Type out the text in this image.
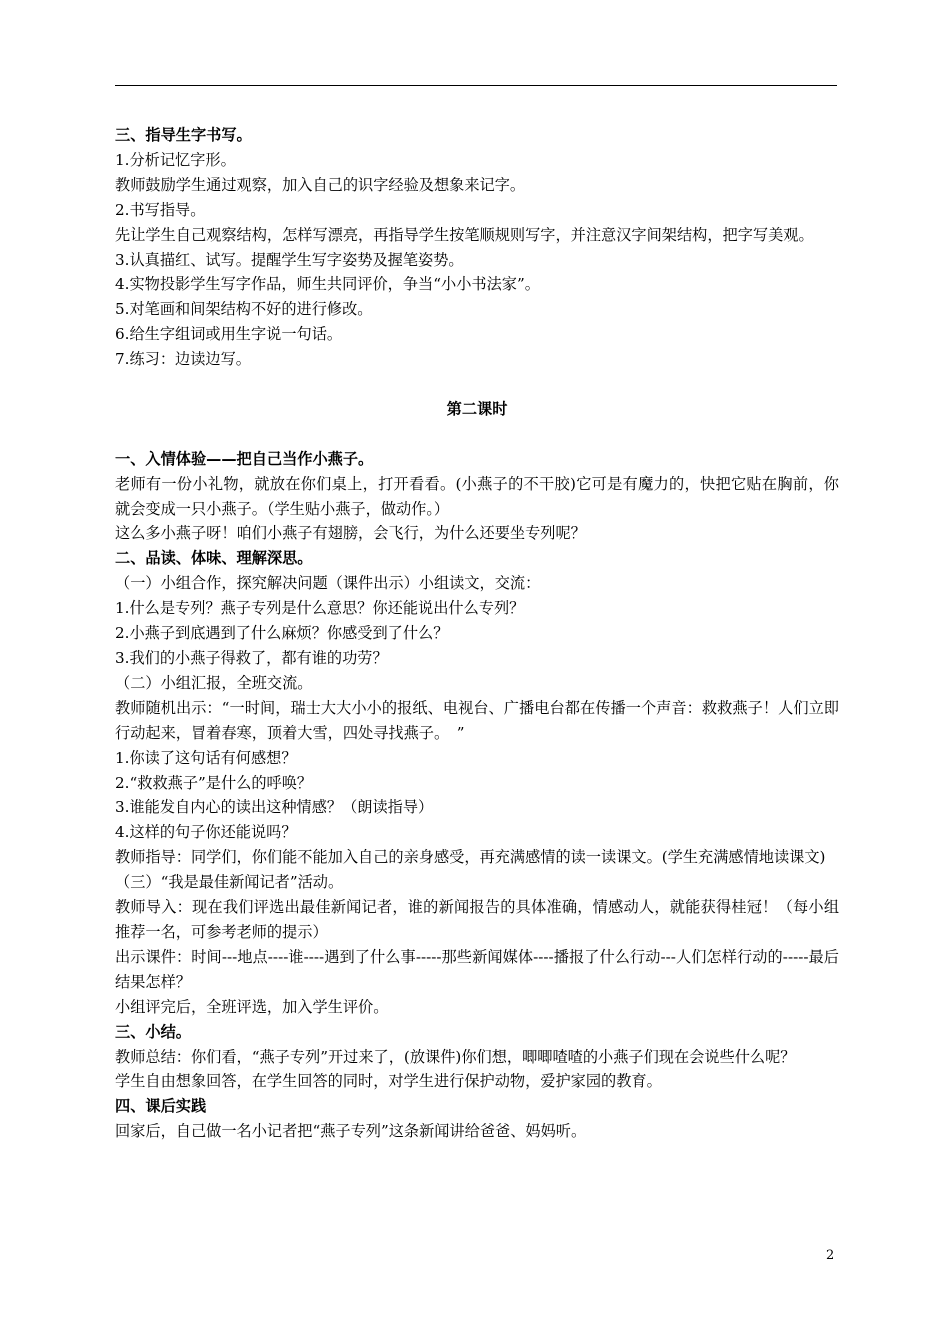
三、指导生字书写。
1.分析记忆字形。
教师鼓励学生通过观察，加入自己的识字经验及想象来记字。
2.书写指导。
先让学生自己观察结构，怎样写漂亮，再指导学生按笔顺规则写字，并注意汉字间架结构，把字写美观。
3.认真描红、试写。提醒学生写字姿势及握笔姿势。
4.实物投影学生写字作品，师生共同评价，争当“小小书法家”。
5.对笔画和间架结构不好的进行修改。
6.给生字组词或用生字说一句话。
7.练习：边读边写。
第二课时
一、入情体验——把自己当作小燕子。
老师有一份小礼物，就放在你们桌上，打开看看。(小燕子的不干胶)它可是有魔力的，快把它贴在胸前，你就会变成一只小燕子。（学生贴小燕子，做动作。）
这么多小燕子呀！咱们小燕子有翅膀，会飞行，为什么还要坐专列呢？
二、品读、体味、理解深思。
（一）小组合作，探究解决问题（课件出示）小组读文，交流：
1.什么是专列？燕子专列是什么意思？你还能说出什么专列？
2.小燕子到底遇到了什么麻烦？你感受到了什么？
3.我们的小燕子得救了，都有谁的功劳？
（二）小组汇报，全班交流。
教师随机出示：“一时间，瑞士大大小小的报纸、电视台、广播电台都在传播一个声音：救救燕子！人们立即行动起来，冒着春寒，顶着大雪，四处寻找燕子。　”
1.你读了这句话有何感想？
2.“救救燕子”是什么的呼唤？
3.谁能发自内心的读出这种情感？（朗读指导）
4.这样的句子你还能说吗？
教师指导：同学们，你们能不能加入自己的亲身感受，再充满感情的读一读课文。(学生充满感情地读课文)
（三）“我是最佳新闻记者”活动。
教师导入：现在我们评选出最佳新闻记者，谁的新闻报告的具体准确，情感动人，就能获得桂冠！（每小组推荐一名，可参考老师的提示）
出示课件：时间---地点----谁----遇到了什么事-----那些新闻媒体----播报了什么行动---人们怎样行动的-----最后结果怎样？
小组评完后，全班评选，加入学生评价。
三、小结。
教师总结：你们看，“燕子专列”开过来了，(放课件)你们想，唧唧喳喳的小燕子们现在会说些什么呢？
学生自由想象回答，在学生回答的同时，对学生进行保护动物，爱护家园的教育。
四、课后实践
回家后，自己做一名小记者把“燕子专列”这条新闻讲给爸爸、妈妈听。
2
